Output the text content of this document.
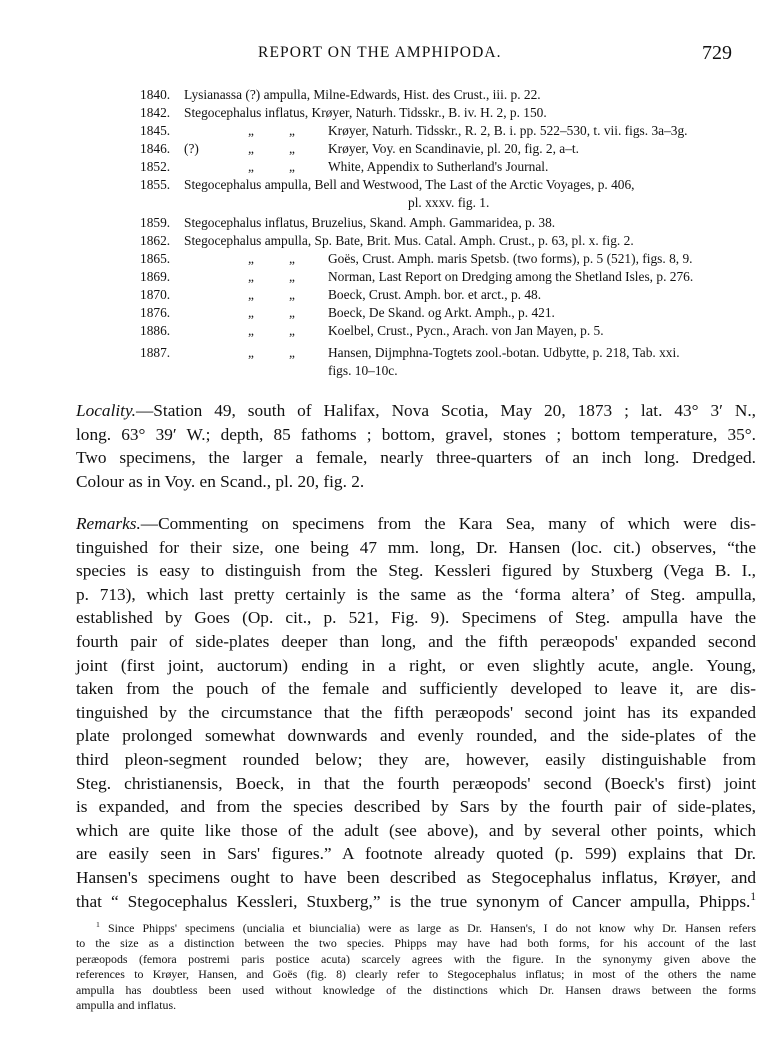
REPORT ON THE AMPHIPODA.	729
1840. Lysianassa (?) ampulla, Milne-Edwards, Hist. des Crust., iii. p. 22.
1842. Stegocephalus inflatus, Krøyer, Naturh. Tidsskr., B. iv. H. 2, p. 150.
1845.	„	„ Krøyer, Naturh. Tidsskr., R. 2, B. i. pp. 522–530, t. vii. figs. 3a–3g.
1846. (?)	„	„ Krøyer, Voy. en Scandinavie, pl. 20, fig. 2, a–t.
1852.	„	„ White, Appendix to Sutherland's Journal.
1855. Stegocephalus ampulla, Bell and Westwood, The Last of the Arctic Voyages, p. 406,
pl. xxxv. fig. 1.
1859. Stegocephalus inflatus, Bruzelius, Skand. Amph. Gammaridea, p. 38.
1862. Stegocephalus ampulla, Sp. Bate, Brit. Mus. Catal. Amph. Crust., p. 63, pl. x. fig. 2.
1865.	„	„ Goës, Crust. Amph. maris Spetsb. (two forms), p. 5 (521), figs. 8, 9.
1869.	„	„ Norman, Last Report on Dredging among the Shetland Isles, p. 276.
1870.	„	„ Boeck, Crust. Amph. bor. et arct., p. 48.
1876.	„	„ Boeck, De Skand. og Arkt. Amph., p. 421.
1886.	„	„ Koelbel, Crust., Pycn., Arach. von Jan Mayen, p. 5.
1887.	„	„ Hansen, Dijmphna-Togtets zool.-botan. Udbytte, p. 218, Tab. xxi.
figs. 10–10c.
Locality.—Station 49, south of Halifax, Nova Scotia, May 20, 1873 ; lat. 43° 3′ N.,
long. 63° 39′ W.; depth, 85 fathoms ; bottom, gravel, stones ; bottom temperature, 35°.
Two specimens, the larger a female, nearly three-quarters of an inch long. Dredged.
Colour as in Voy. en Scand., pl. 20, fig. 2.
Remarks.—Commenting on specimens from the Kara Sea, many of which were dis-
tinguished for their size, one being 47 mm. long, Dr. Hansen (loc. cit.) observes, “the
species is easy to distinguish from the Steg. Kessleri figured by Stuxberg (Vega B. I.,
p. 713), which last pretty certainly is the same as the ‘forma altera’ of Steg. ampulla,
established by Goes (Op. cit., p. 521, Fig. 9). Specimens of Steg. ampulla have the
fourth pair of side-plates deeper than long, and the fifth peræopods' expanded second
joint (first joint, auctorum) ending in a right, or even slightly acute, angle. Young,
taken from the pouch of the female and sufficiently developed to leave it, are dis-
tinguished by the circumstance that the fifth peræopods' second joint has its expanded
plate prolonged somewhat downwards and evenly rounded, and the side-plates of the
third pleon-segment rounded below; they are, however, easily distinguishable from
Steg. christianensis, Boeck, in that the fourth peræopods' second (Boeck's first) joint
is expanded, and from the species described by Sars by the fourth pair of side-plates,
which are quite like those of the adult (see above), and by several other points, which
are easily seen in Sars' figures.” A footnote already quoted (p. 599) explains that Dr.
Hansen's specimens ought to have been described as Stegocephalus inflatus, Krøyer, and
that “ Stegocephalus Kessleri, Stuxberg,” is the true synonym of Cancer ampulla, Phipps.$^1$
$^1$ Since Phipps' specimens (uncialia et biuncialia) were as large as Dr. Hansen's, I do not know why Dr. Hansen refers
to the size as a distinction between the two species. Phipps may have had both forms, for his account of the last
peræopods (femora postremi paris postice acuta) scarcely agrees with the figure. In the synonymy given above the
references to Krøyer, Hansen, and Goës (fig. 8) clearly refer to Stegocephalus inflatus; in most of the others the name
ampulla has doubtless been used without knowledge of the distinctions which Dr. Hansen draws between the forms
ampulla and inflatus.
